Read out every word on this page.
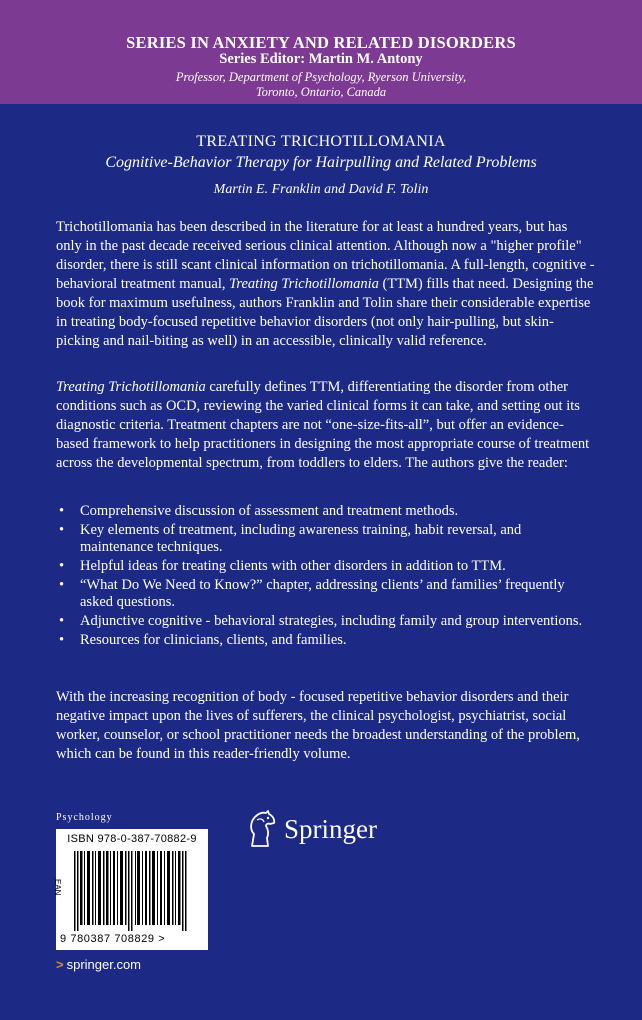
SERIES IN ANXIETY AND RELATED DISORDERS
Series Editor: Martin M. Antony
Professor, Department of Psychology, Ryerson University,
Toronto, Ontario, Canada
TREATING TRICHOTILLOMANIA
Cognitive-Behavior Therapy for Hairpulling and Related Problems
Martin E. Franklin and David F. Tolin

Trichotillomania has been described in the literature for at least a hundred years, but has only in the past decade received serious clinical attention. Although now a "higher profile" disorder, there is still scant clinical information on trichotillomania. A full-length, cognitive - behavioral treatment manual, Treating Trichotillomania (TTM) fills that need. Designing the book for maximum usefulness, authors Franklin and Tolin share their considerable expertise in treating body-focused repetitive behavior disorders (not only hair-pulling, but skin-picking and nail-biting as well) in an accessible, clinically valid reference.

Treating Trichotillomania carefully defines TTM, differentiating the disorder from other conditions such as OCD, reviewing the varied clinical forms it can take, and setting out its diagnostic criteria. Treatment chapters are not “one-size-fits-all”, but offer an evidence-based framework to help practitioners in designing the most appropriate course of treatment across the developmental spectrum, from toddlers to elders. The authors give the reader:

• Comprehensive discussion of assessment and treatment methods.
• Key elements of treatment, including awareness training, habit reversal, and maintenance techniques.
• Helpful ideas for treating clients with other disorders in addition to TTM.
• “What Do We Need to Know?” chapter, addressing clients’ and families’ frequently asked questions.
• Adjunctive cognitive - behavioral strategies, including family and group interventions.
• Resources for clinicians, clients, and families.

With the increasing recognition of body - focused repetitive behavior disorders and their negative impact upon the lives of sufferers, the clinical psychologist, psychiatrist, social worker, counselor, or school practitioner needs the broadest understanding of the problem, which can be found in this reader-friendly volume.

Psychology
ISBN 978-0-387-70882-9
EAN
9 780387 708829 >
Springer
> springer.com
